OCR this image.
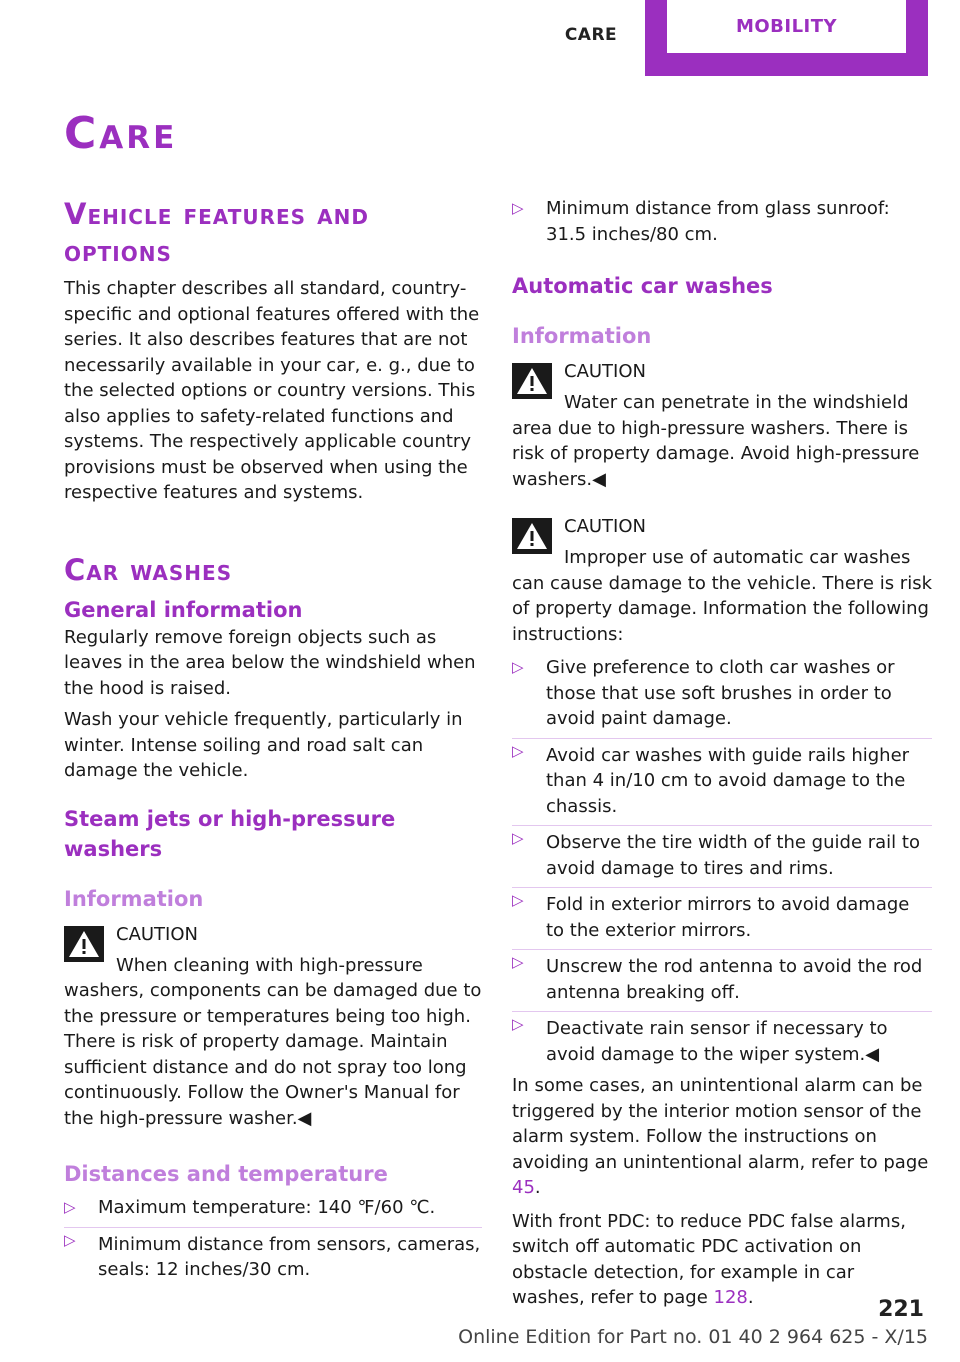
CARE	MOBILITY
Care
Vehicle features and options

This chapter describes all standard, country-specific and optional features offered with the series. It also describes features that are not necessarily available in your car, e. g., due to the selected options or country versions. This also applies to safety-related functions and systems. The respectively applicable country provisions must be observed when using the respective features and systems.

Car washes
General information

Regularly remove foreign objects such as leaves in the area below the windshield when the hood is raised.

Wash your vehicle frequently, particularly in winter. Intense soiling and road salt can damage the vehicle.

Steam jets or high-pressure washers
Information
CAUTION

When cleaning with high-pressure washers, components can be damaged due to the pressure or temperatures being too high. There is risk of property damage. Maintain sufficient distance and do not spray too long continuously. Follow the Owner's Manual for the high-pressure washer.◀

Distances and temperature
▷ Maximum temperature: 140 ℉/60 ℃.
▷ Minimum distance from sensors, cameras, seals: 12 inches/30 cm.
▷ Minimum distance from glass sunroof: 31.5 inches/80 cm.
Automatic car washes
Information
CAUTION

Water can penetrate in the windshield area due to high-pressure washers. There is risk of property damage. Avoid high-pressure washers.◀

CAUTION

Improper use of automatic car washes can cause damage to the vehicle. There is risk of property damage. Information the following instructions:

▷ Give preference to cloth car washes or those that use soft brushes in order to avoid paint damage.
▷ Avoid car washes with guide rails higher than 4 in/10 cm to avoid damage to the chassis.
▷ Observe the tire width of the guide rail to avoid damage to tires and rims.
▷ Fold in exterior mirrors to avoid damage to the exterior mirrors.
▷ Unscrew the rod antenna to avoid the rod antenna breaking off.
▷ Deactivate rain sensor if necessary to avoid damage to the wiper system.◀

In some cases, an unintentional alarm can be triggered by the interior motion sensor of the alarm system. Follow the instructions on avoiding an unintentional alarm, refer to page 45.

With front PDC: to reduce PDC false alarms, switch off automatic PDC activation on obstacle detection, for example in car washes, refer to page 128.	221
Online Edition for Part no. 01 40 2 964 625 - X/15
